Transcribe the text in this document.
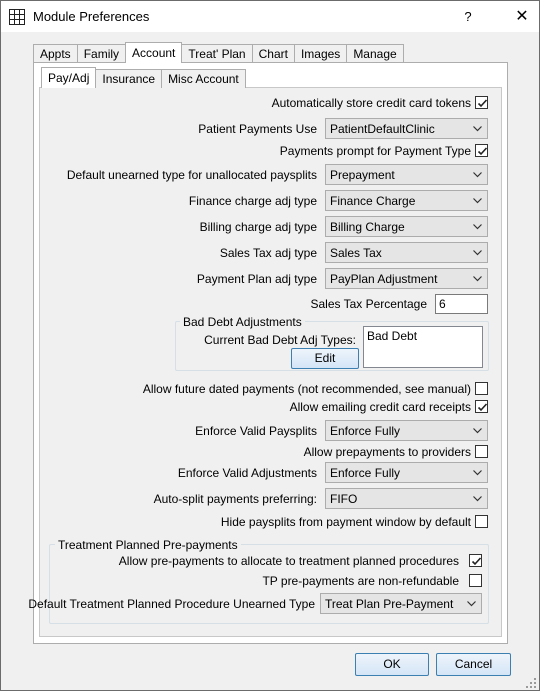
Module Preferences	?	✕
Appts	Family	Account	Treat' Plan	Chart	Images	Manage
Pay/Adj	Insurance	Misc Account
Automatically store credit card tokens
Patient Payments Use PatientDefaultClinic
Payments prompt for Payment Type
Default unearned type for unallocated paysplits Prepayment
Finance charge adj type Finance Charge
Billing charge adj type Billing Charge
Sales Tax adj type Sales Tax
Payment Plan adj type PayPlan Adjustment
Sales Tax Percentage	6
Bad Debt Adjustments
Current Bad Debt Adj Types:
Edit
Bad Debt
Allow future dated payments (not recommended, see manual)
Allow emailing credit card receipts
Enforce Valid Paysplits Enforce Fully
Allow prepayments to providers
Enforce Valid Adjustments Enforce Fully
Auto-split payments preferring: FIFO
Hide paysplits from payment window by default
Treatment Planned Pre-payments
Allow pre-payments to allocate to treatment planned procedures
TP pre-payments are non-refundable
Default Treatment Planned Procedure Unearned Type Treat Plan Pre-Payment
OK	Cancel
